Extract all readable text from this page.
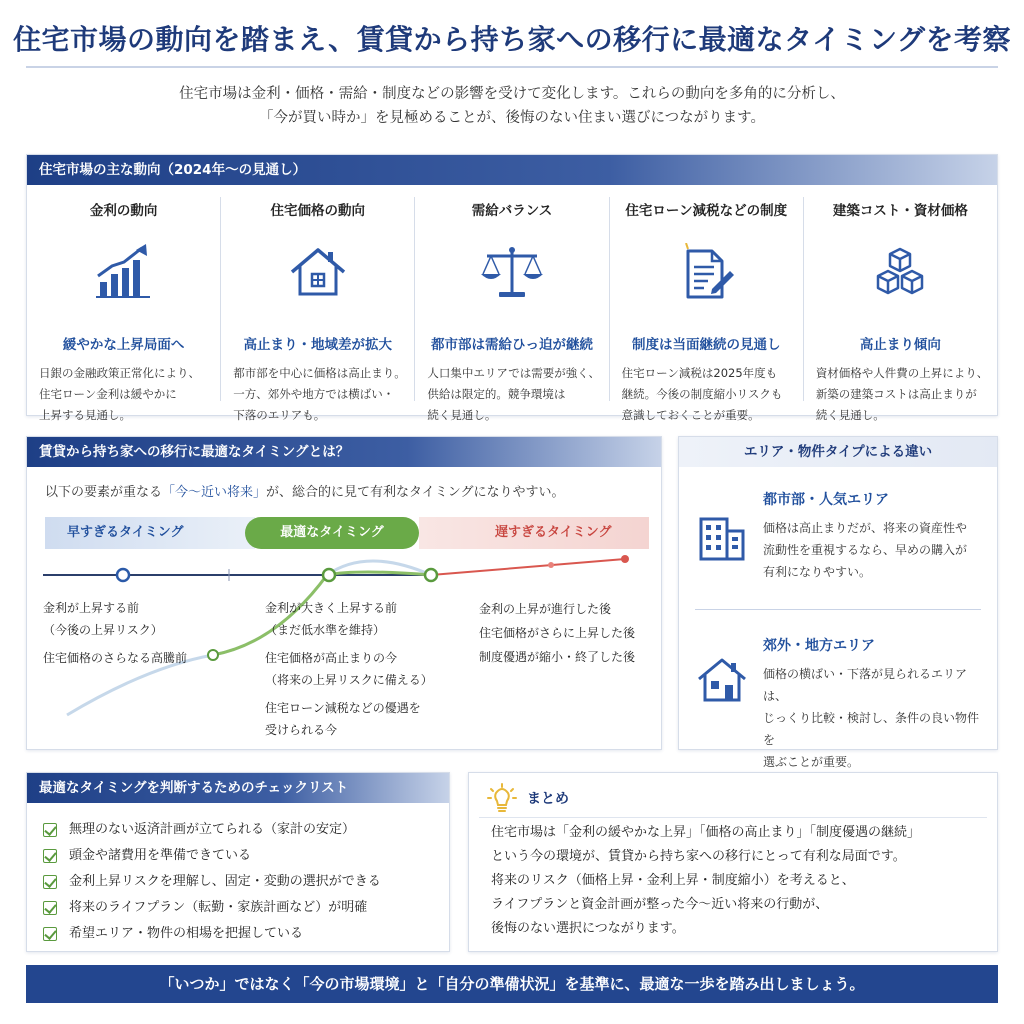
住宅市場の動向を踏まえ、賃貸から持ち家への移行に最適なタイミングを考察
住宅市場は金利・価格・需給・制度などの影響を受けて変化します。これらの動向を多角的に分析し、
「今が買い時か」を見極めることが、後悔のない住まい選びにつながります。
住宅市場の主な動向（2024年〜の見通し）
金利の動向
緩やかな上昇局面へ
日銀の金融政策正常化により、
住宅ローン金利は緩やかに
上昇する見通し。
住宅価格の動向
高止まり・地域差が拡大
都市部を中心に価格は高止まり。
一方、郊外や地方では横ばい・
下落のエリアも。
需給バランス
都市部は需給ひっ迫が継続
人口集中エリアでは需要が強く、
供給は限定的。競争環境は
続く見通し。
住宅ローン減税などの制度
制度は当面継続の見通し
住宅ローン減税は2025年度も
継続。今後の制度縮小リスクも
意識しておくことが重要。
建築コスト・資材価格
高止まり傾向
資材価格や人件費の上昇により、
新築の建築コストは高止まりが
続く見通し。
賃貸から持ち家への移行に最適なタイミングとは？
以下の要素が重なる「今〜近い将来」が、総合的に見て有利なタイミングになりやすい。
早すぎるタイミング	遅すぎるタイミング
最適なタイミング
金利が上昇する前
（今後の上昇リスク）
住宅価格のさらなる高騰前
金利が大きく上昇する前
（まだ低水準を維持）
住宅価格が高止まりの今
（将来の上昇リスクに備える）
住宅ローン減税などの優遇を
受けられる今
金利の上昇が進行した後
住宅価格がさらに上昇した後
制度優遇が縮小・終了した後
エリア・物件タイプによる違い
都市部・人気エリア
価格は高止まりだが、将来の資産性や
流動性を重視するなら、早めの購入が
有利になりやすい。
郊外・地方エリア
価格の横ばい・下落が見られるエリアは、
じっくり比較・検討し、条件の良い物件を
選ぶことが重要。
最適なタイミングを判断するためのチェックリスト
無理のない返済計画が立てられる（家計の安定）
頭金や諸費用を準備できている
金利上昇リスクを理解し、固定・変動の選択ができる
将来のライフプラン（転勤・家族計画など）が明確
希望エリア・物件の相場を把握している
まとめ
住宅市場は「金利の緩やかな上昇」「価格の高止まり」「制度優遇の継続」
という今の環境が、賃貸から持ち家への移行にとって有利な局面です。
将来のリスク（価格上昇・金利上昇・制度縮小）を考えると、
ライフプランと資金計画が整った今〜近い将来の行動が、
後悔のない選択につながります。
「いつか」ではなく「今の市場環境」と「自分の準備状況」を基準に、最適な一歩を踏み出しましょう。
